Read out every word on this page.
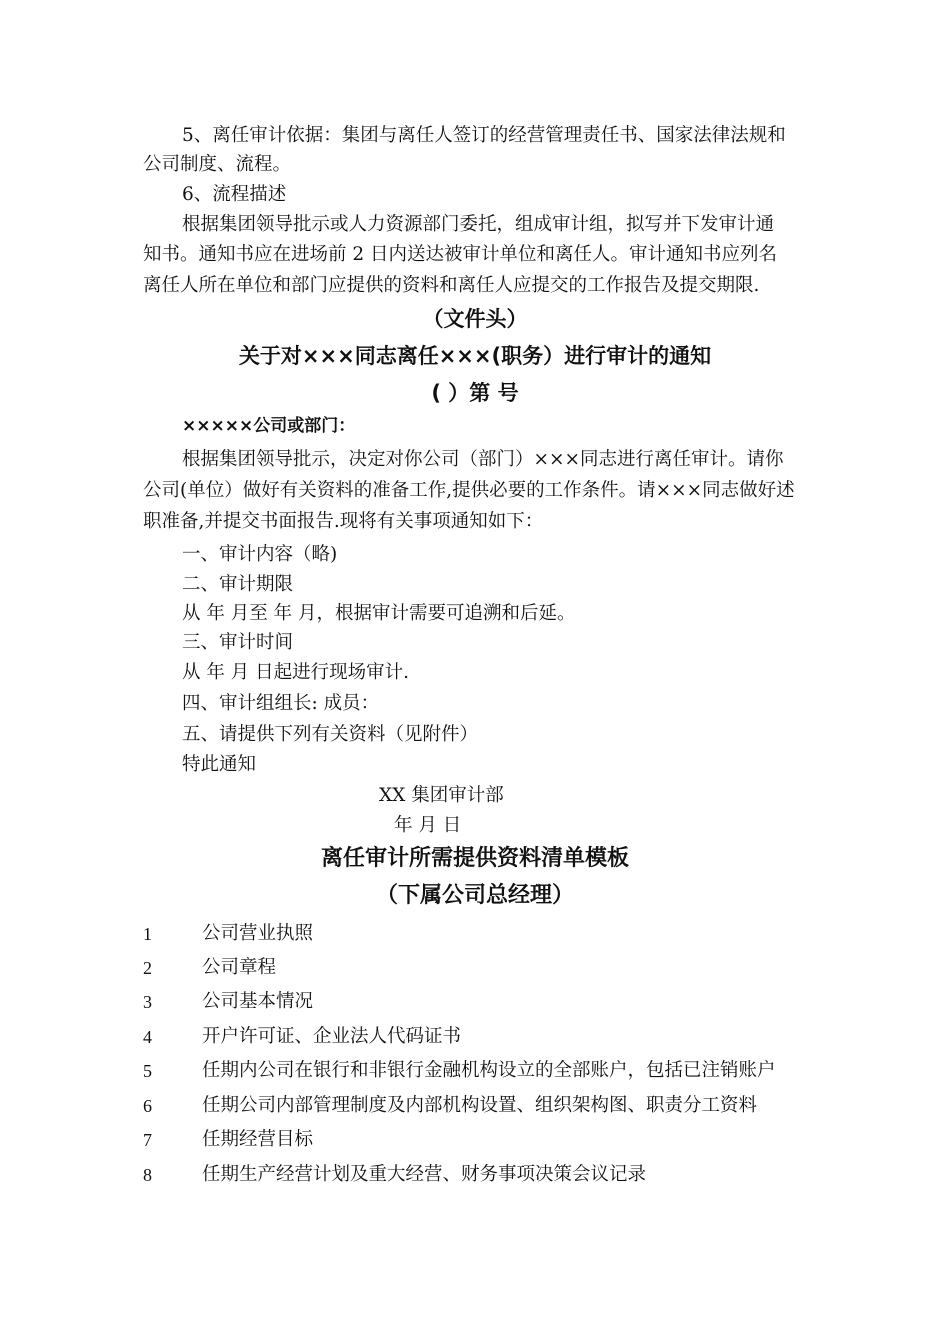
5、离任审计依据：集团与离任人签订的经营管理责任书、国家法律法规和
公司制度、流程。
6、流程描述
根据集团领导批示或人力资源部门委托，组成审计组，拟写并下发审计通
知书。通知书应在进场前 2 日内送达被审计单位和离任人。审计通知书应列名
离任人所在单位和部门应提供的资料和离任人应提交的工作报告及提交期限.
（文件头）
关于对×××同志离任×××(职务）进行审计的通知
( ）第 号
×××××公司或部门：
根据集团领导批示，决定对你公司（部门）×××同志进行离任审计。请你
公司(单位）做好有关资料的准备工作,提供必要的工作条件。请×××同志做好述
职准备,并提交书面报告.现将有关事项通知如下：
一、审计内容（略)
二、审计期限
从 年 月至 年 月，根据审计需要可追溯和后延。
三、审计时间
从 年 月 日起进行现场审计.
四、审计组组长: 成员：
五、请提供下列有关资料（见附件）
特此通知
XX 集团审计部
年 月 日
离任审计所需提供资料清单模板
（下属公司总经理）
1	公司营业执照
2	公司章程
3	公司基本情况
4	开户许可证、企业法人代码证书
5	任期内公司在银行和非银行金融机构设立的全部账户，包括已注销账户
6	任期公司内部管理制度及内部机构设置、组织架构图、职责分工资料
7	任期经营目标
8	任期生产经营计划及重大经营、财务事项决策会议记录
